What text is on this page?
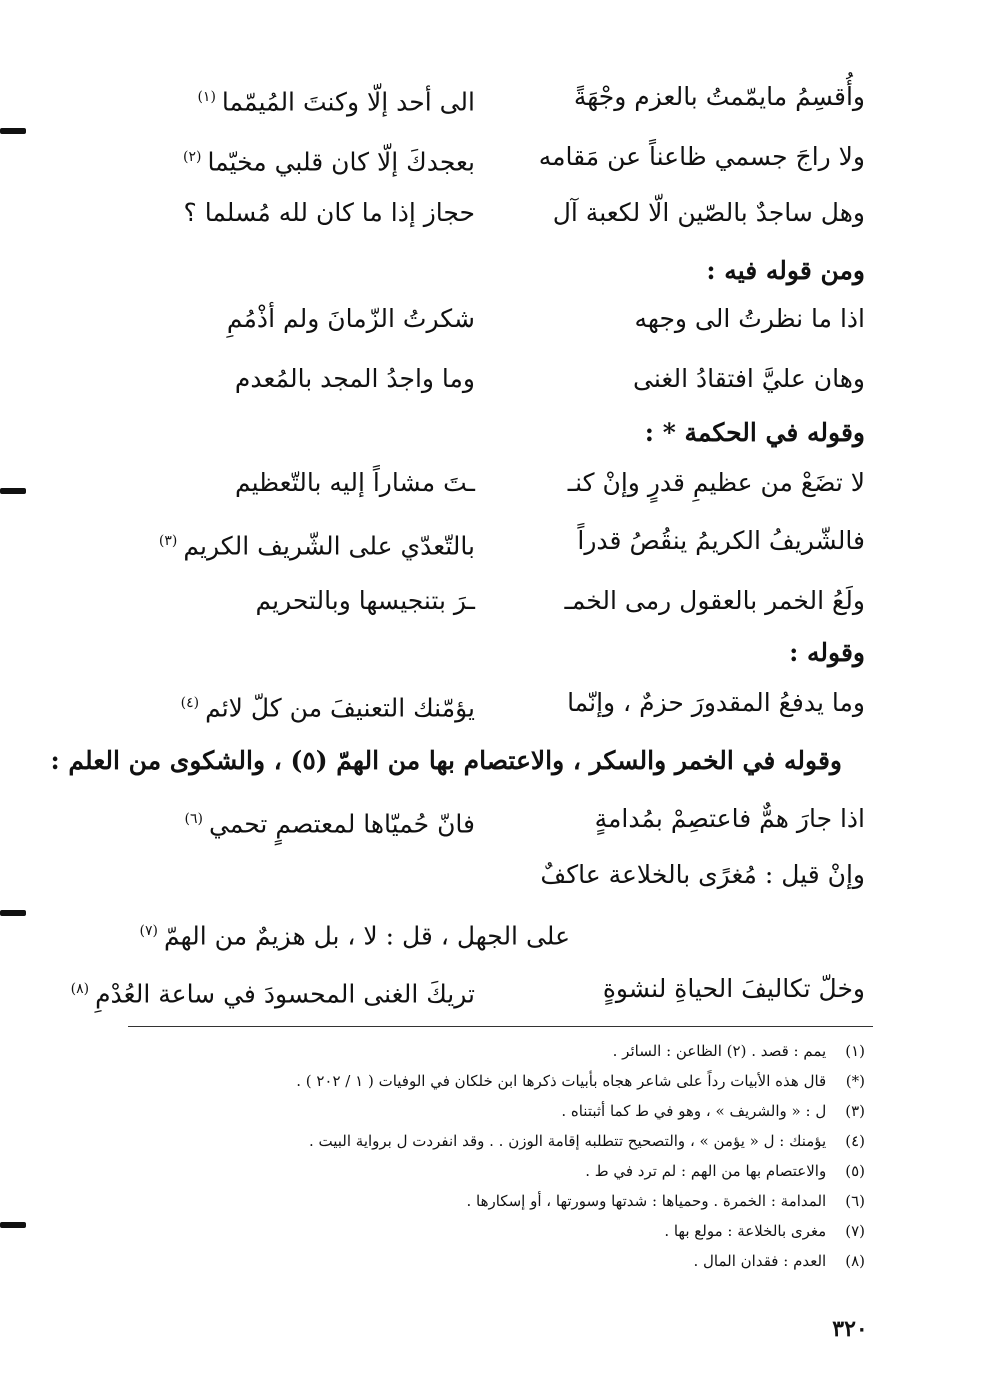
وأُقسِمُ مايمّمتُ بالعزم وجْهَةً
الى أحد إلّا وكنتَ المُيمّما$^{(١)}$
ولا راجَ جسمي ظاعناً عن مَقامه
بعجدكَ إلّا كان قلبي مخيّما$^{(٢)}$
وهل ساجدٌ بالصّين الّا لكعبة آل
حجاز إذا ما كان لله مُسلما ؟
ومن قوله فيه :
اذا ما نظرتُ الى وجهه
شكرتُ الزّمانَ ولم أذْمُمِ
وهان عليَّ افتقادُ الغنى
وما واجدُ المجد بالمُعدم
وقوله في الحكمة * :
لا تضَعْ من عظيمِ قدرٍ وإنْ كنـ
ـتَ مشاراً إليه بالتّعظيم
فالشّريفُ الكريمُ ينقُصُ قدراً
بالتّعدّي على الشّريف الكريم$^{(٣)}$
ولَعُ الخمر بالعقول رمى الخمـ
ـرَ بتنجيسها وبالتحريم
وقوله :
وما يدفعُ المقدورَ حزمٌ ، وإنّما
يؤمّنك التعنيفَ من كلّ لائم$^{(٤)}$
وقوله في الخمر والسكر ، والاعتصام بها من الهمّ (٥) ، والشكوى من العلم :
اذا جارَ همٌّ فاعتصِمْ بمُدامةٍ
فانّ حُميّاها لمعتصمٍ تحمي$^{(٦)}$
وإنْ قيل : مُغرًى بالخلاعة عاكفٌ
على الجهل ، قل : لا ، بل هزيمٌ من الهمّ$^{(٧)}$
وخلّ تكاليفَ الحياةِ لنشوةٍ
تريكَ الغنى المحسودَ في ساعة العُدْمِ$^{(٨)}$
(١) يمم : قصد . (٢) الظاعن : السائر .
(*) قال هذه الأبيات رداً على شاعر هجاه بأبيات ذكرها ابن خلكان في الوفيات ( ١ / ٢٠٢ ) .
(٣) ل : « والشريف » ، وهو في ط كما أثبتناه .
(٤) يؤمنك : ل « يؤمن » ، والتصحيح تتطلبه إقامة الوزن . . وقد انفردت ل برواية البيت .
(٥) والاعتصام بها من الهم : لم ترد في ط .
(٦) المدامة : الخمرة . وحمياها : شدتها وسورتها ، أو إسكارها .
(٧) مغرى بالخلاعة : مولع بها .
(٨) العدم : فقدان المال .
٣٢٠
